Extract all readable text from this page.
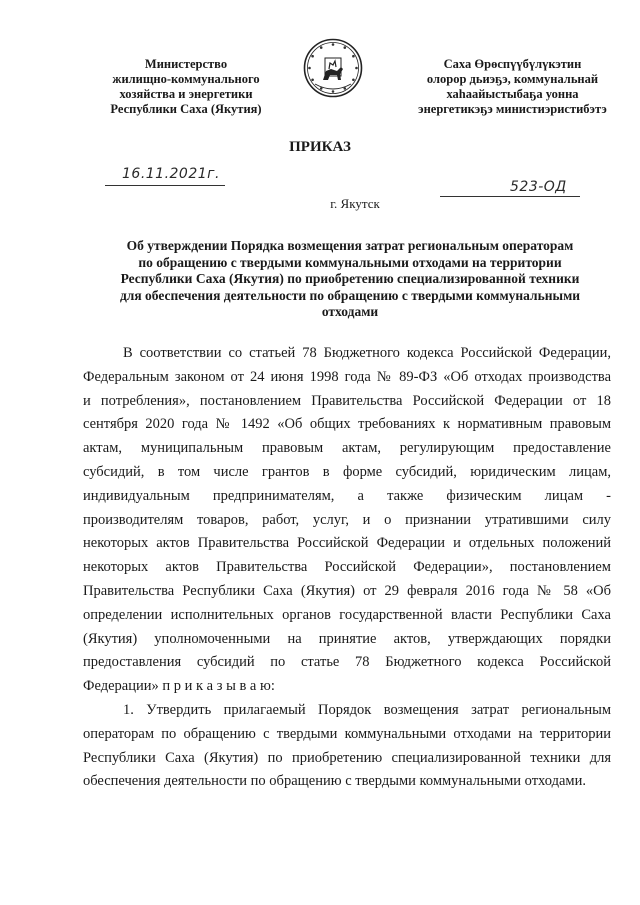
Министерство
жилищно-коммунального
хозяйства и энергетики
Республики Саха (Якутия)
Саха Өрөспүүбүлүкэтин
олорор дьиэҕэ, коммунальнай
хаһаайыстыбаҕа уонна
энергетикэҕэ министиэристибэтэ
ПРИКАЗ
16.11.2021г.
523-ОД
г. Якутск
Об утверждении Порядка возмещения затрат региональным операторам
по обращению с твердыми коммунальными отходами на территории
Республики Саха (Якутия) по приобретению специализированной техники
для обеспечения деятельности по обращению с твердыми коммунальными
отходами
В соответствии со статьей 78 Бюджетного кодекса Российской Федерации,
Федеральным законом от 24 июня 1998 года № 89-ФЗ «Об отходах производства
и потребления», постановлением Правительства Российской Федерации от 18
сентября 2020 года № 1492 «Об общих требованиях к нормативным правовым
актам, муниципальным правовым актам, регулирующим предоставление
субсидий, в том числе грантов в форме субсидий, юридическим лицам,
индивидуальным предпринимателям, а также физическим лицам -
производителям товаров, работ, услуг, и о признании утратившими силу
некоторых актов Правительства Российской Федерации и отдельных положений
некоторых актов Правительства Российской Федерации», постановлением
Правительства Республики Саха (Якутия) от 29 февраля 2016 года № 58 «Об
определении исполнительных органов государственной власти Республики Саха
(Якутия) уполномоченными на принятие актов, утверждающих порядки
предоставления субсидий по статье 78 Бюджетного кодекса Российской
Федерации» п р и к а з ы в а ю:
1. Утвердить прилагаемый Порядок возмещения затрат региональным
операторам по обращению с твердыми коммунальными отходами на территории
Республики Саха (Якутия) по приобретению специализированной техники для
обеспечения деятельности по обращению с твердыми коммунальными отходами.
